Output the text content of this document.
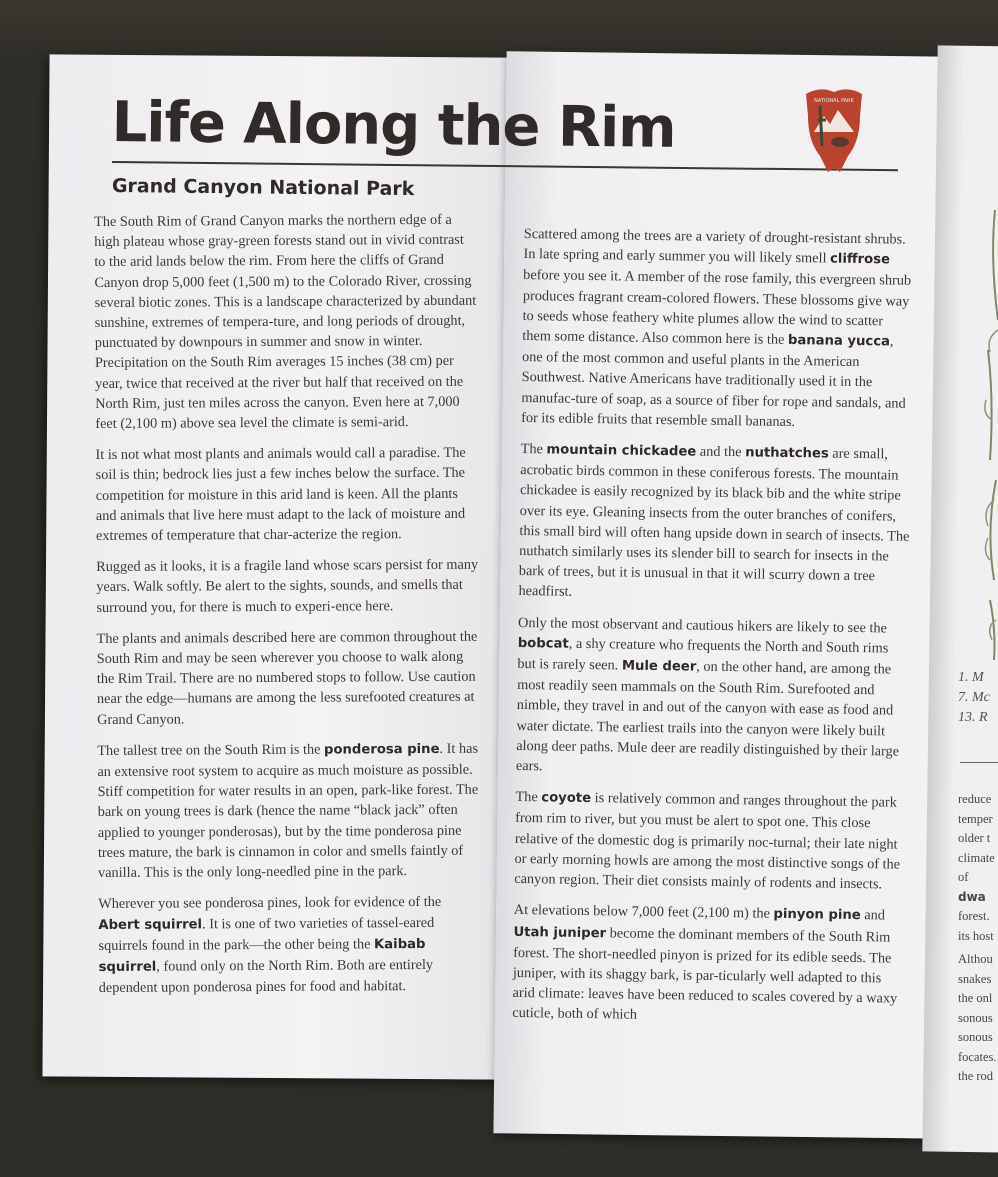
Life Along the Rim
Grand Canyon National Park
NATIONAL PARK

The South Rim of Grand Canyon marks the northern edge of a high plateau whose gray-green forests stand out in vivid contrast to the arid lands below the rim. From here the cliffs of Grand Canyon drop 5,000 feet (1,500 m) to the Colorado River, crossing several biotic zones. This is a landscape characterized by abundant sunshine, extremes of tempera-ture, and long periods of drought, punctuated by downpours in summer and snow in winter. Precipitation on the South Rim averages 15 inches (38 cm) per year, twice that received at the river but half that received on the North Rim, just ten miles across the canyon. Even here at 7,000 feet (2,100 m) above sea level the climate is semi-arid.

It is not what most plants and animals would call a paradise. The soil is thin; bedrock lies just a few inches below the surface. The competition for moisture in this arid land is keen. All the plants and animals that live here must adapt to the lack of moisture and extremes of temperature that char-acterize the region.

Rugged as it looks, it is a fragile land whose scars persist for many years. Walk softly. Be alert to the sights, sounds, and smells that surround you, for there is much to experi-ence here.

The plants and animals described here are common throughout the South Rim and may be seen wherever you choose to walk along the Rim Trail. There are no numbered stops to follow. Use caution near the edge—humans are among the less surefooted creatures at Grand Canyon.

The tallest tree on the South Rim is the ponderosa pine. It has an extensive root system to acquire as much moisture as possible. Stiff competition for water results in an open, park-like forest. The bark on young trees is dark (hence the name “black jack” often applied to younger ponderosas), but by the time ponderosa pine trees mature, the bark is cinnamon in color and smells faintly of vanilla. This is the only long-needled pine in the park.

Wherever you see ponderosa pines, look for evidence of the Abert squirrel. It is one of two varieties of tassel-eared squirrels found in the park—the other being the Kaibab squirrel, found only on the North Rim. Both are entirely dependent upon ponderosa pines for food and habitat.

Scattered among the trees are a variety of drought-resistant shrubs. In late spring and early summer you will likely smell cliffrose before you see it. A member of the rose family, this evergreen shrub produces fragrant cream-colored flowers. These blossoms give way to seeds whose feathery white plumes allow the wind to scatter them some distance. Also common here is the banana yucca, one of the most common and useful plants in the American Southwest. Native Americans have traditionally used it in the manufac-ture of soap, as a source of fiber for rope and sandals, and for its edible fruits that resemble small bananas.

The mountain chickadee and the nuthatches are small, acrobatic birds common in these coniferous forests. The mountain chickadee is easily recognized by its black bib and the white stripe over its eye. Gleaning insects from the outer branches of conifers, this small bird will often hang upside down in search of insects. The nuthatch similarly uses its slender bill to search for insects in the bark of trees, but it is unusual in that it will scurry down a tree headfirst.

Only the most observant and cautious hikers are likely to see the bobcat, a shy creature who frequents the North and South rims but is rarely seen. Mule deer, on the other hand, are among the most readily seen mammals on the South Rim. Surefooted and nimble, they travel in and out of the canyon with ease as food and water dictate. The earliest trails into the canyon were likely built along deer paths. Mule deer are readily distinguished by their large ears.

The coyote is relatively common and ranges throughout the park from rim to river, but you must be alert to spot one. This close relative of the domestic dog is primarily noc-turnal; their late night or early morning howls are among the most distinctive songs of the canyon region. Their diet consists mainly of rodents and insects.

At elevations below 7,000 feet (2,100 m) the pinyon pine and Utah juniper become the dominant members of the South Rim forest. The short-needled pinyon is prized for its edible seeds. The juniper, with its shaggy bark, is par-ticularly well adapted to this arid climate: leaves have been reduced to scales covered by a waxy cuticle, both of which

1. M
7. Mc
13. R
reduce
temper
older t
climate
of dwa
forest.
its host
Althou
snakes
the onl
sonous
sonous
focates.
the rod
